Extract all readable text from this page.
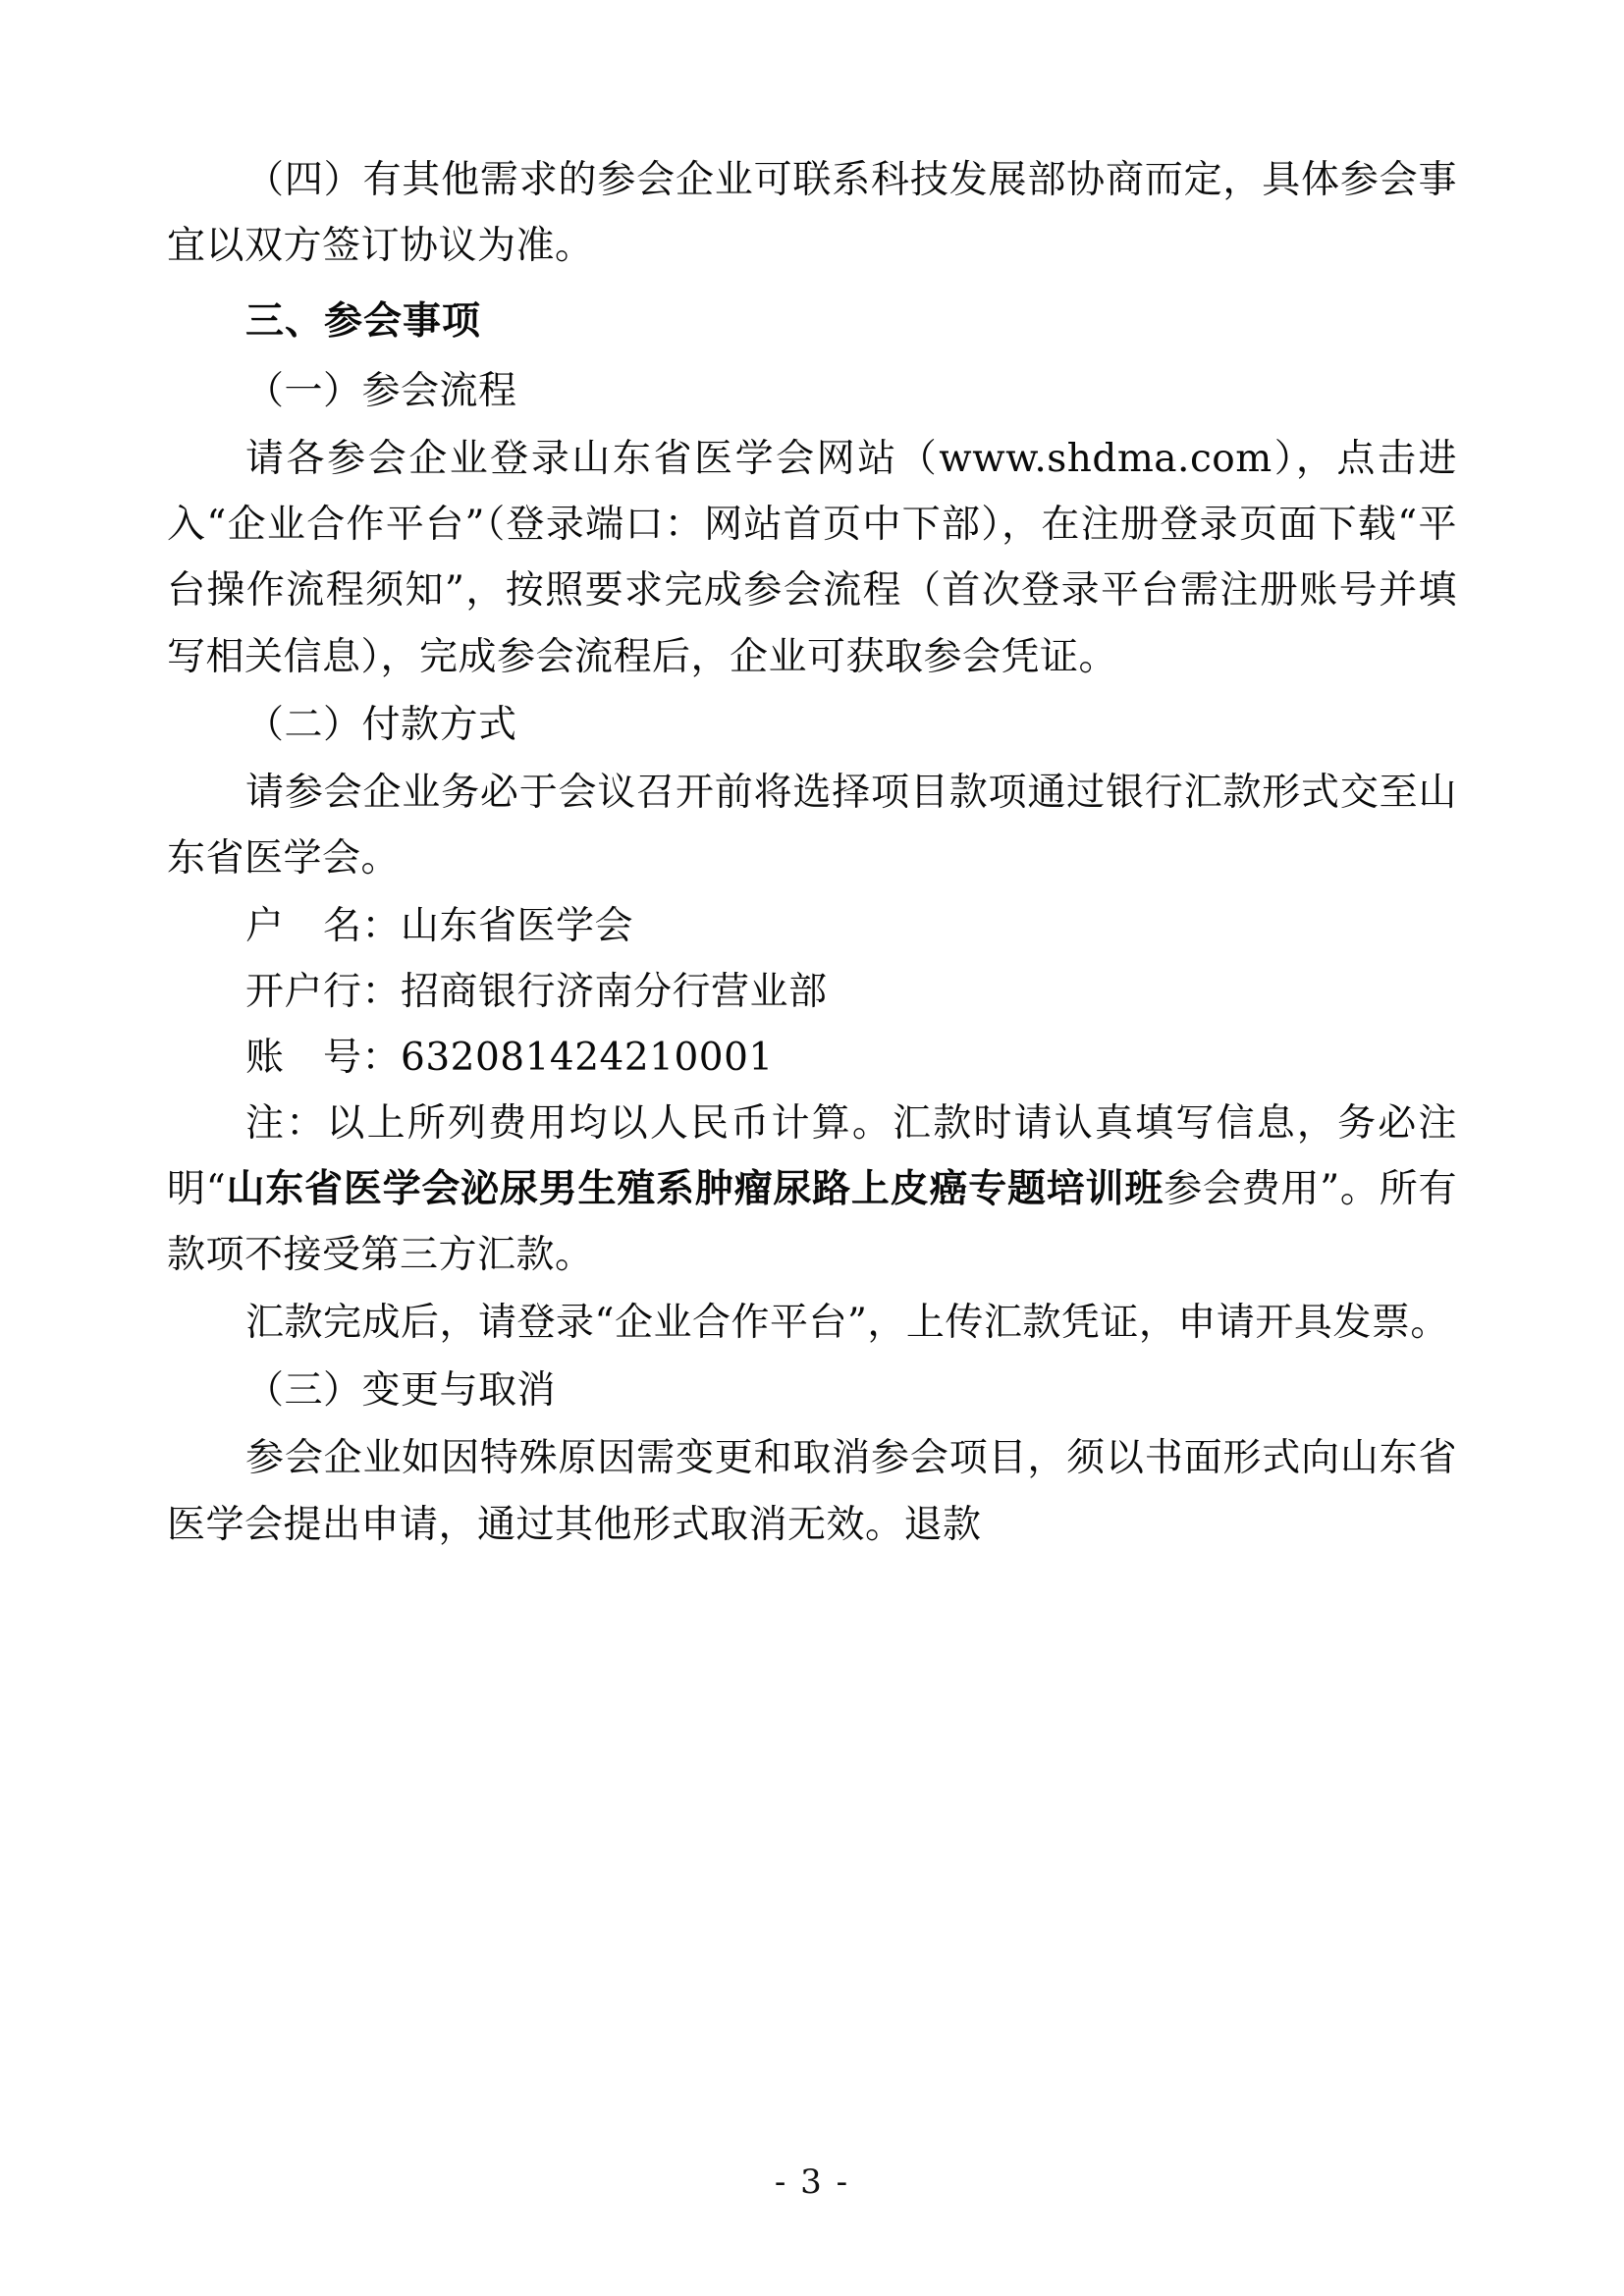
（四）有其他需求的参会企业可联系科技发展部协商而定，具体参会事宜以双方签订协议为准。

三、参会事项

（一）参会流程

请各参会企业登录山东省医学会网站（www.shdma.com），点击进入“企业合作平台”（登录端口：网站首页中下部），在注册登录页面下载“平台操作流程须知”，按照要求完成参会流程（首次登录平台需注册账号并填写相关信息），完成参会流程后，企业可获取参会凭证。

（二）付款方式

请参会企业务必于会议召开前将选择项目款项通过银行汇款形式交至山东省医学会。

户　名：山东省医学会

开户行：招商银行济南分行营业部

账　号：632081424210001

注：以上所列费用均以人民币计算。汇款时请认真填写信息，务必注明“山东省医学会泌尿男生殖系肿瘤尿路上皮癌专题培训班参会费用”。所有款项不接受第三方汇款。

汇款完成后，请登录“企业合作平台”，上传汇款凭证，申请开具发票。

（三）变更与取消

参会企业如因特殊原因需变更和取消参会项目，须以书面形式向山东省医学会提出申请，通过其他形式取消无效。退款

- 3 -
